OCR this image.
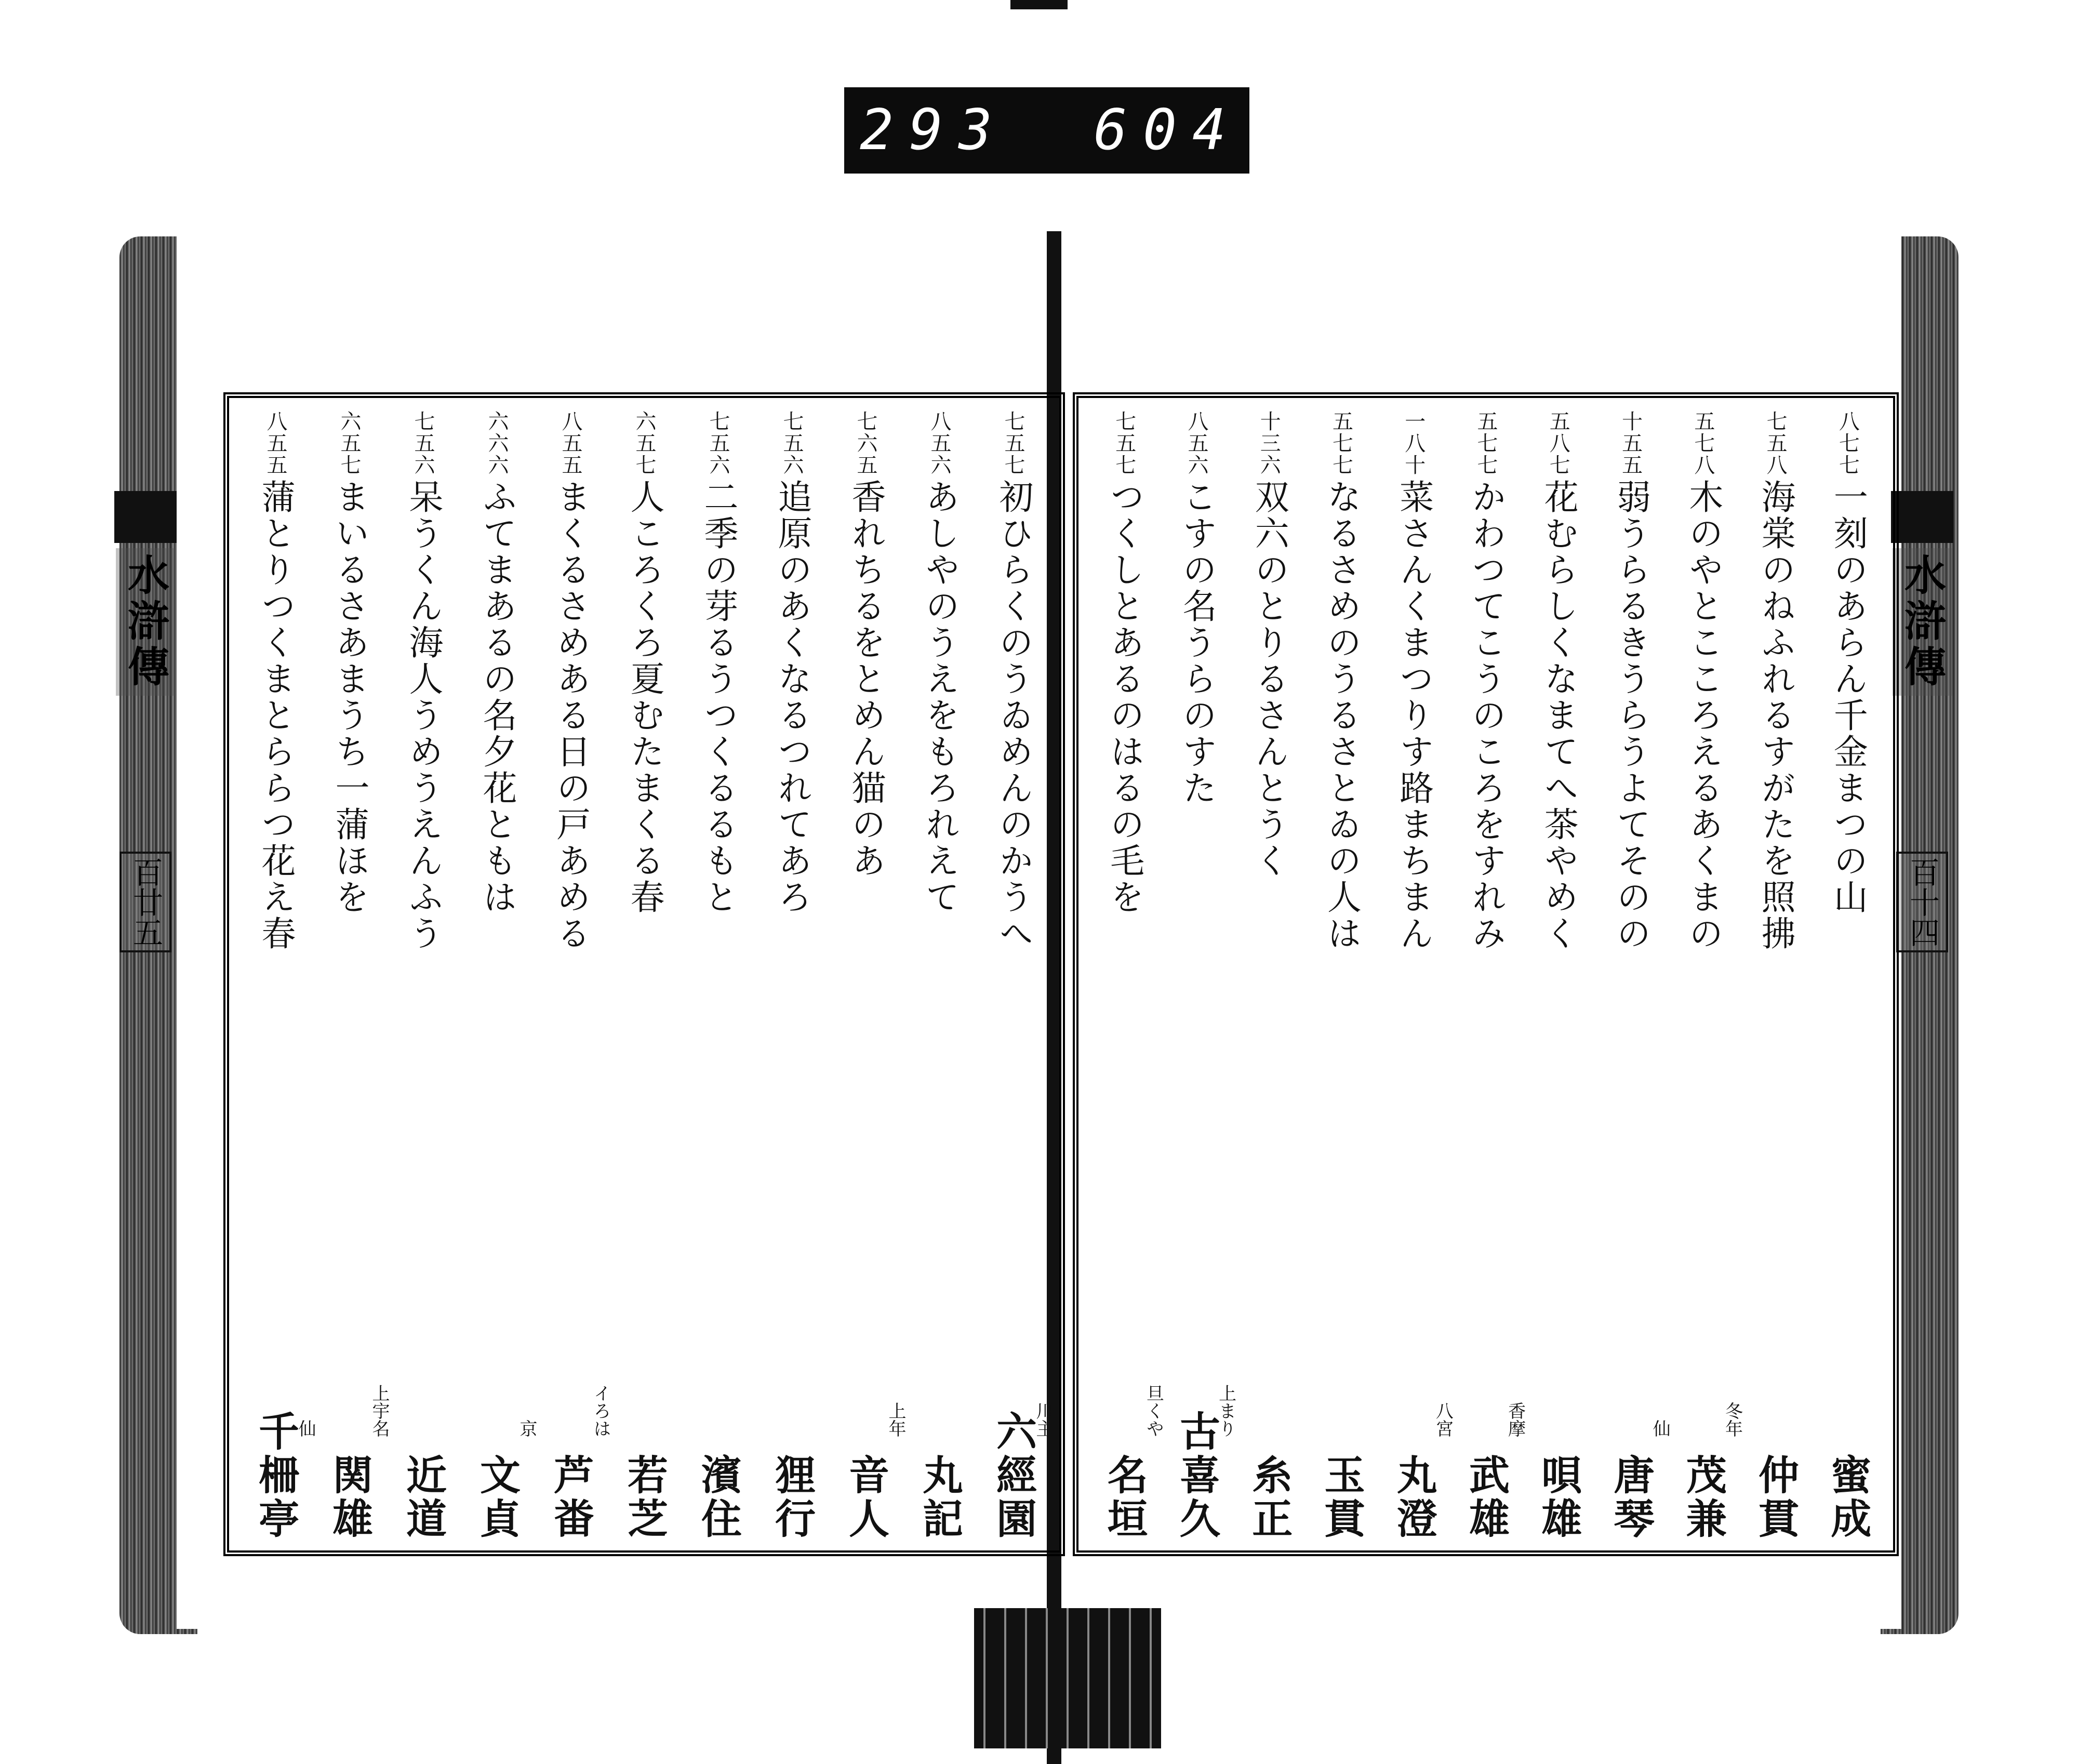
293 604.
水滸傳
百廿五
水滸傳
百十四
七五七
初ひらくのうゐめんのかうへ
川主
六經園
八五六
あしやのうえをもろれえて
丸記
七六五
香れちるをとめん猫のあ
上年
音人
七五六
追原のあくなるつれてあろ
狸行
七五六
二季の芽るうつくるるもと
濱住
六五七
人ころくろ夏むたまくる春
若芝
八五五
まくるさめある日の戸あめる
イろは
芦畨
六六六
ふてまあるの名夕花ともは
京
文貞
七五六
呆うくん海人うめうえんふう
近道
六五七
まいるさあまうち一蒲ほを
上宇名
関雄
八五五
蒲とりつくまとららつ花え春
仙
千柵亭
八七七
一刻のあらん千金まつの山
蜜成
七五八
海棠のねふれるすがたを照拂
仲貫
五七八
木のやとこころえるあくまの
冬年
茂兼
十五五
弱うらるきうらうよてそのの
仙
唐琴
五八七
花むらしくなまてへ茶やめく
唄雄
五七七
かわつてこうのころをすれみ
香摩
武雄
一八十
菜さんくまつりす路まちまん
八宮
丸澄
五七七
なるさめのうるさとゐの人は
玉貫
十三六
双六のとりるさんとうく
糸正
八五六
こすの名うらのすた
上まり
古喜久
七五七
つくしとあるのはるの毛を
旦くや
名垣
